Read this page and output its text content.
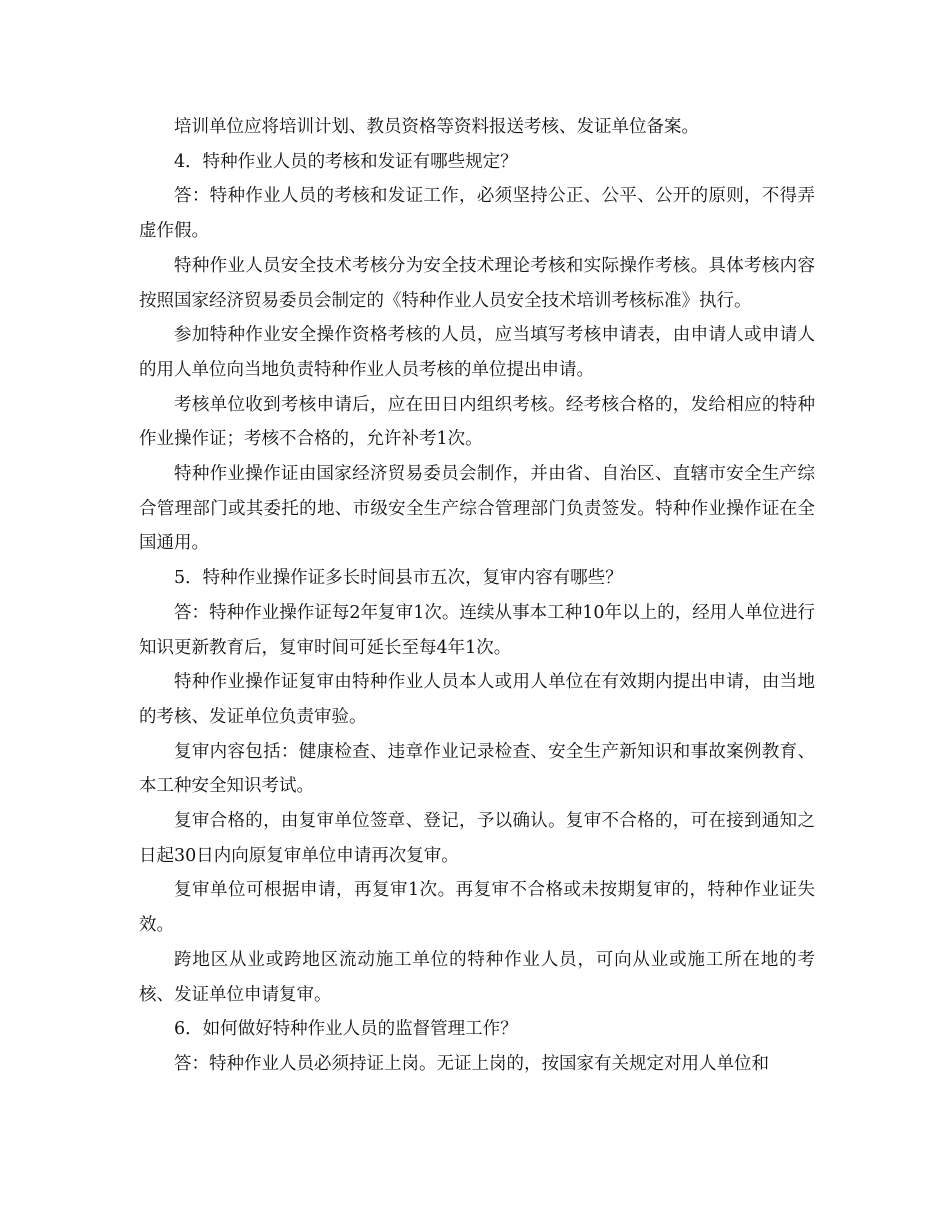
培训单位应将培训计划、教员资格等资料报送考核、发证单位备案。

4．特种作业人员的考核和发证有哪些规定？

答：特种作业人员的考核和发证工作，必须坚持公正、公平、公开的原则，不得弄虚作假。

特种作业人员安全技术考核分为安全技术理论考核和实际操作考核。具体考核内容按照国家经济贸易委员会制定的《特种作业人员安全技术培训考核标准》执行。

参加特种作业安全操作资格考核的人员，应当填写考核申请表，由申请人或申请人的用人单位向当地负责特种作业人员考核的单位提出申请。

考核单位收到考核申请后，应在田日内组织考核。经考核合格的，发给相应的特种作业操作证；考核不合格的，允许补考1次。

特种作业操作证由国家经济贸易委员会制作，并由省、自治区、直辖市安全生产综合管理部门或其委托的地、市级安全生产综合管理部门负责签发。特种作业操作证在全国通用。

5．特种作业操作证多长时间县市五次，复审内容有哪些？

答：特种作业操作证每2年复审1次。连续从事本工种10年以上的，经用人单位进行知识更新教育后，复审时间可延长至每4年1次。

特种作业操作证复审由特种作业人员本人或用人单位在有效期内提出申请，由当地的考核、发证单位负责审验。

复审内容包括：健康检查、违章作业记录检查、安全生产新知识和事故案例教育、本工种安全知识考试。

复审合格的，由复审单位签章、登记，予以确认。复审不合格的，可在接到通知之日起30日内向原复审单位申请再次复审。

复审单位可根据申请，再复审1次。再复审不合格或未按期复审的，特种作业证失效。

跨地区从业或跨地区流动施工单位的特种作业人员，可向从业或施工所在地的考核、发证单位申请复审。

6．如何做好特种作业人员的监督管理工作？

答：特种作业人员必须持证上岗。无证上岗的，按国家有关规定对用人单位和
